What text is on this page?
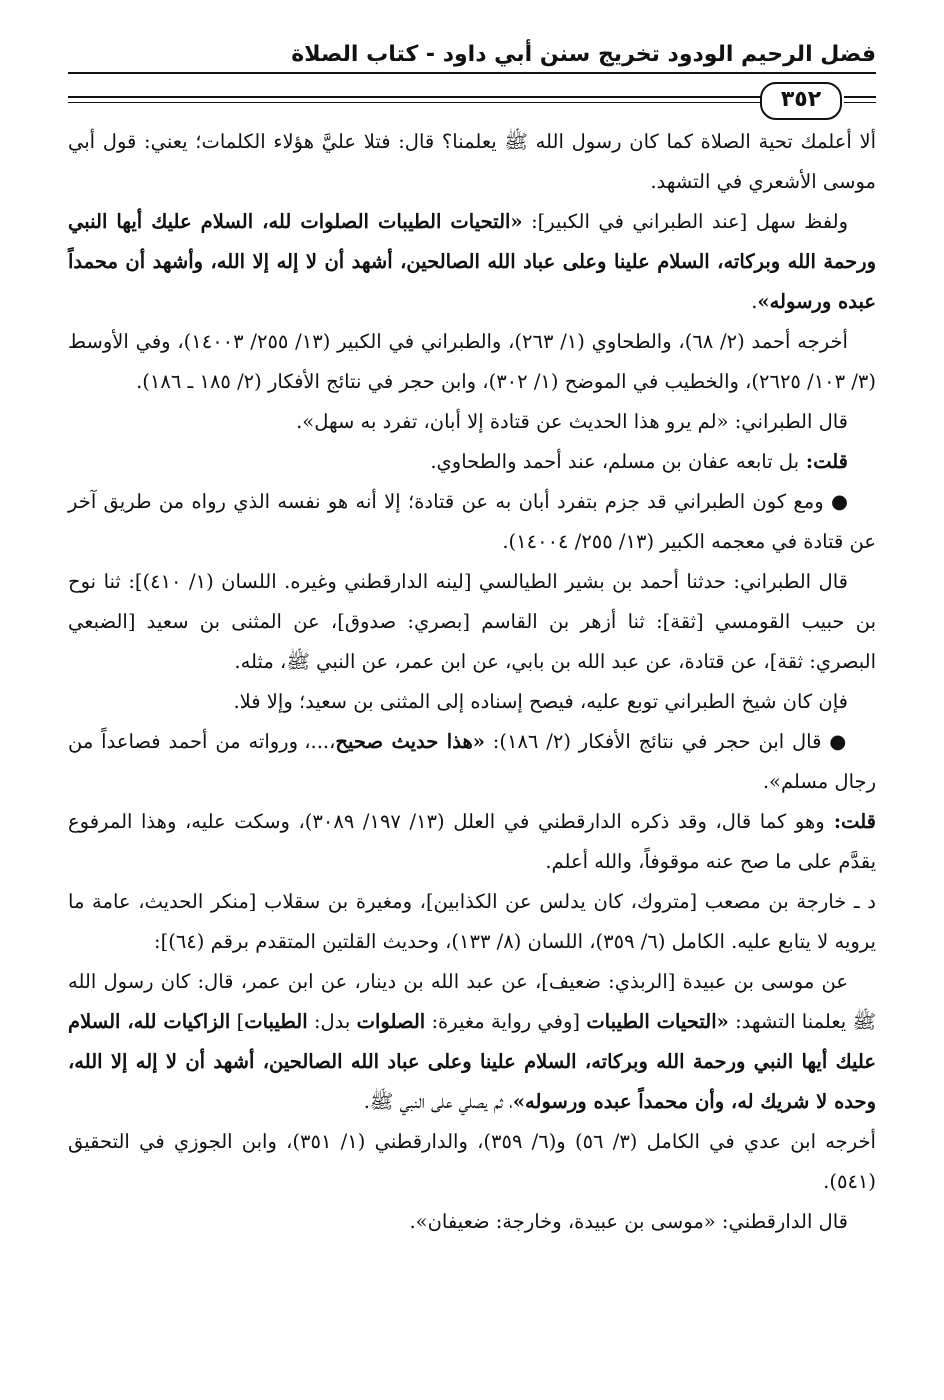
فضل الرحيم الودود تخريج سنن أبي داود - كتاب الصلاة
٣٥٢

ألا أعلمك تحية الصلاة كما كان رسول الله ﷺ يعلمنا؟ قال: فتلا عليَّ هؤلاء الكلمات؛ يعني: قول أبي موسى الأشعري في التشهد.

ولفظ سهل [عند الطبراني في الكبير]: «التحيات الطيبات الصلوات لله، السلام عليك أيها النبي ورحمة الله وبركاته، السلام علينا وعلى عباد الله الصالحين، أشهد أن لا إله إلا الله، وأشهد أن محمداً عبده ورسوله».

أخرجه أحمد (٢/ ٦٨)، والطحاوي (١/ ٢٦٣)، والطبراني في الكبير (١٣/ ٢٥٥/ ١٤٠٠٣)، وفي الأوسط (٣/ ١٠٣/ ٢٦٢٥)، والخطيب في الموضح (١/ ٣٠٢)، وابن حجر في نتائج الأفكار (٢/ ١٨٥ ـ ١٨٦).

قال الطبراني: «لم يرو هذا الحديث عن قتادة إلا أبان، تفرد به سهل».

قلت: بل تابعه عفان بن مسلم، عند أحمد والطحاوي.

● ومع كون الطبراني قد جزم بتفرد أبان به عن قتادة؛ إلا أنه هو نفسه الذي رواه من طريق آخر عن قتادة في معجمه الكبير (١٣/ ٢٥٥/ ١٤٠٠٤).

قال الطبراني: حدثنا أحمد بن بشير الطيالسي [لينه الدارقطني وغيره. اللسان (١/ ٤١٠)]: ثنا نوح بن حبيب القومسي [ثقة]: ثنا أزهر بن القاسم [بصري: صدوق]، عن المثنى بن سعيد [الضبعي البصري: ثقة]، عن قتادة، عن عبد الله بن بابي، عن ابن عمر، عن النبي ﷺ، مثله.

فإن كان شيخ الطبراني توبع عليه، فيصح إسناده إلى المثنى بن سعيد؛ وإلا فلا.

● قال ابن حجر في نتائج الأفكار (٢/ ١٨٦): «هذا حديث صحيح،...، ورواته من أحمد فصاعداً من رجال مسلم».

قلت: وهو كما قال، وقد ذكره الدارقطني في العلل (١٣/ ١٩٧/ ٣٠٨٩)، وسكت عليه، وهذا المرفوع يقدَّم على ما صح عنه موقوفاً، والله أعلم.

د ـ خارجة بن مصعب [متروك، كان يدلس عن الكذابين]، ومغيرة بن سقلاب [منكر الحديث، عامة ما يرويه لا يتابع عليه. الكامل (٦/ ٣٥٩)، اللسان (٨/ ١٣٣)، وحديث القلتين المتقدم برقم (٦٤)]:

عن موسى بن عبيدة [الربذي: ضعيف]، عن عبد الله بن دينار، عن ابن عمر، قال: كان رسول الله ﷺ يعلمنا التشهد: «التحيات الطيبات [وفي رواية مغيرة: الصلوات بدل: الطيبات] الزاكيات لله، السلام عليك أيها النبي ورحمة الله وبركاته، السلام علينا وعلى عباد الله الصالحين، أشهد أن لا إله إلا الله، وحده لا شريك له، وأن محمداً عبده ورسوله»، ثم يصلي على النبي ﷺ.

أخرجه ابن عدي في الكامل (٣/ ٥٦) و(٦/ ٣٥٩)، والدارقطني (١/ ٣٥١)، وابن الجوزي في التحقيق (٥٤١).

قال الدارقطني: «موسى بن عبيدة، وخارجة: ضعيفان».
